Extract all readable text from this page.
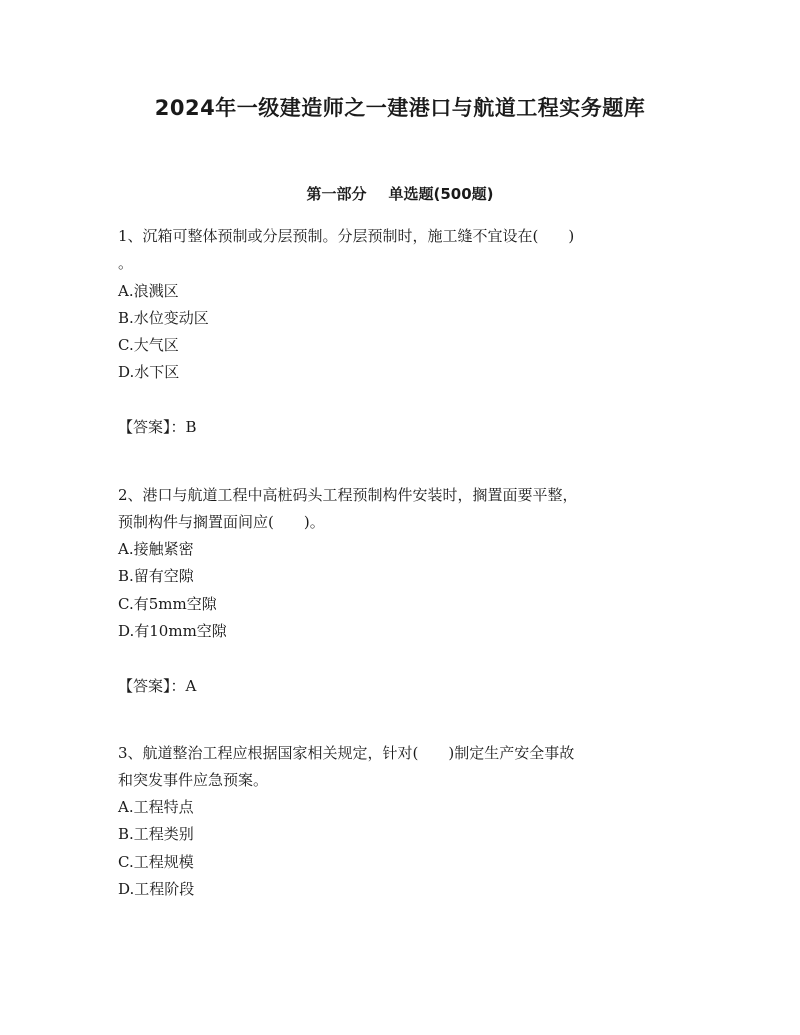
2024年一级建造师之一建港口与航道工程实务题库
第一部分 单选题(500题)
1、沉箱可整体预制或分层预制。分层预制时，施工缝不宜设在(　　)
。
A.浪溅区
B.水位变动区
C.大气区
D.水下区
【答案】：B
2、港口与航道工程中高桩码头工程预制构件安装时，搁置面要平整，
预制构件与搁置面间应(　　)。
A.接触紧密
B.留有空隙
C.有5mm空隙
D.有10mm空隙
【答案】：A
3、航道整治工程应根据国家相关规定，针对(　　)制定生产安全事故
和突发事件应急预案。
A.工程特点
B.工程类别
C.工程规模
D.工程阶段
